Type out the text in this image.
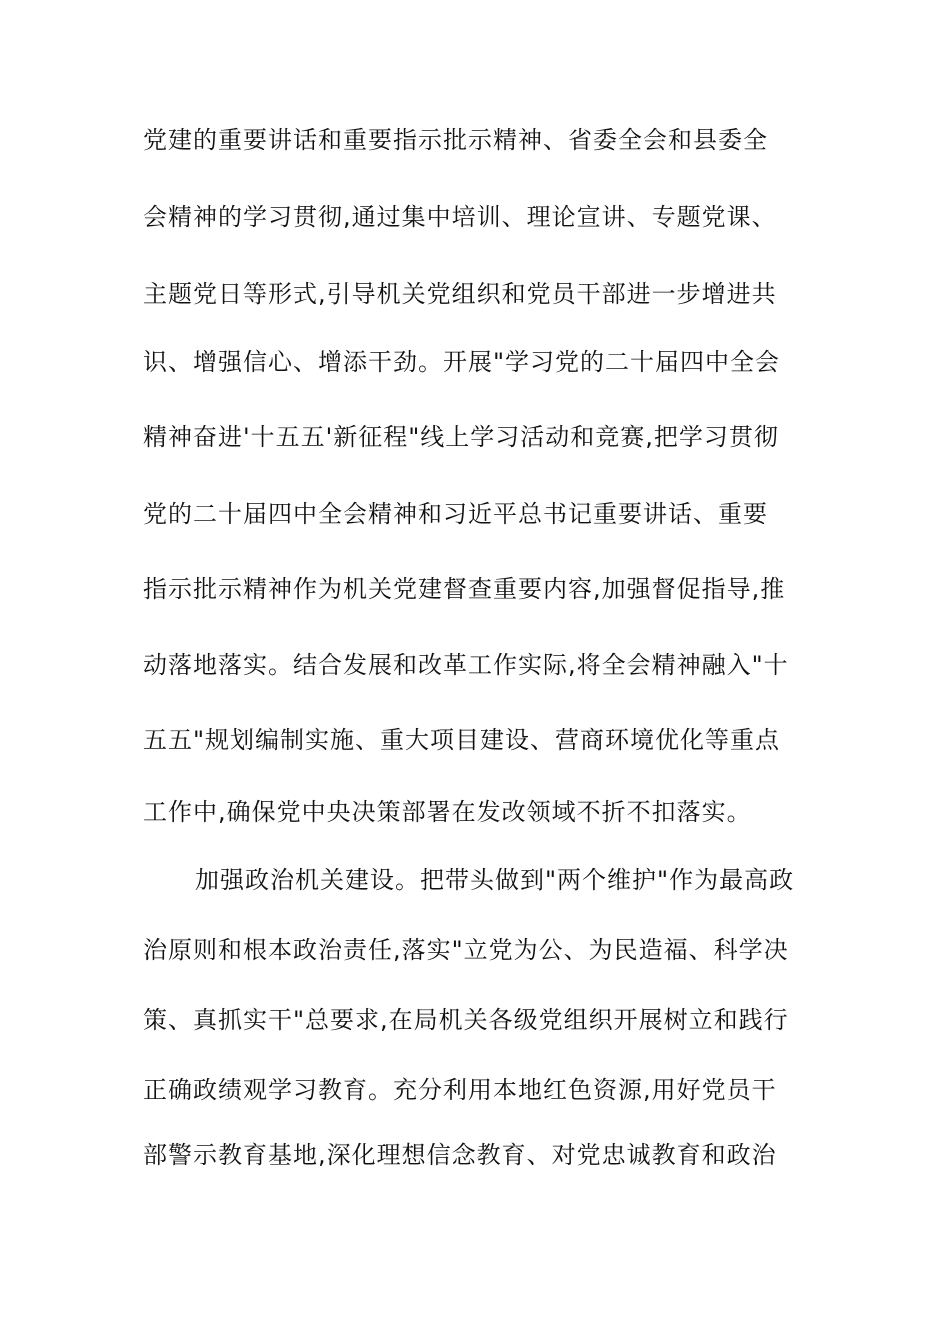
党建的重要讲话和重要指示批示精神、省委全会和县委全

会精神的学习贯彻,通过集中培训、理论宣讲、专题党课、

主题党日等形式,引导机关党组织和党员干部进一步增进共

识、增强信心、增添干劲。开展"学习党的二十届四中全会

精神奋进'十五五'新征程"线上学习活动和竞赛,把学习贯彻

党的二十届四中全会精神和习近平总书记重要讲话、重要

指示批示精神作为机关党建督查重要内容,加强督促指导,推

动落地落实。结合发展和改革工作实际,将全会精神融入"十

五五"规划编制实施、重大项目建设、营商环境优化等重点

工作中,确保党中央决策部署在发改领域不折不扣落实。

加强政治机关建设。把带头做到"两个维护"作为最高政

治原则和根本政治责任,落实"立党为公、为民造福、科学决

策、真抓实干"总要求,在局机关各级党组织开展树立和践行

正确政绩观学习教育。充分利用本地红色资源,用好党员干

部警示教育基地,深化理想信念教育、对党忠诚教育和政治
